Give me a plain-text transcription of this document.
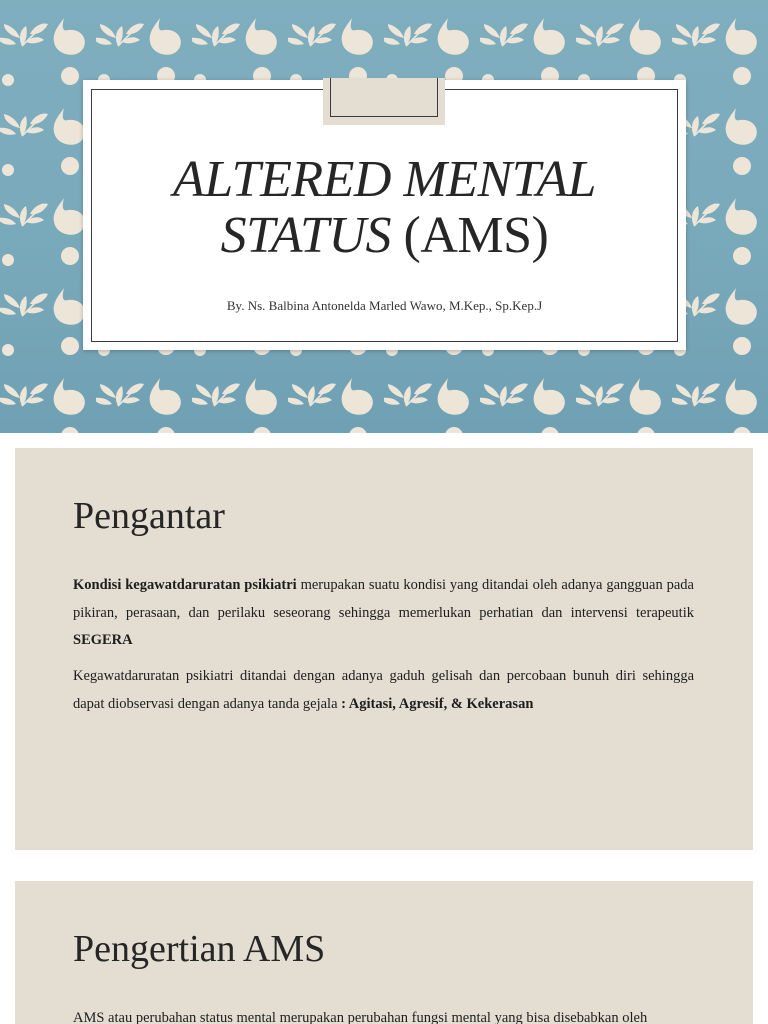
ALTERED MENTAL
STATUS (AMS)
By. Ns. Balbina Antonelda Marled Wawo, M.Kep., Sp.Kep.J
Pengantar

Kondisi kegawatdaruratan psikiatri merupakan suatu kondisi yang ditandai oleh adanya gangguan pada pikiran, perasaan, dan perilaku seseorang sehingga memerlukan perhatian dan intervensi terapeutik SEGERA

Kegawatdaruratan psikiatri ditandai dengan adanya gaduh gelisah dan percobaan bunuh diri sehingga dapat diobservasi dengan adanya tanda gejala : Agitasi, Agresif, & Kekerasan

Pengertian AMS

AMS atau perubahan status mental merupakan perubahan fungsi mental yang bisa disebabkan oleh
